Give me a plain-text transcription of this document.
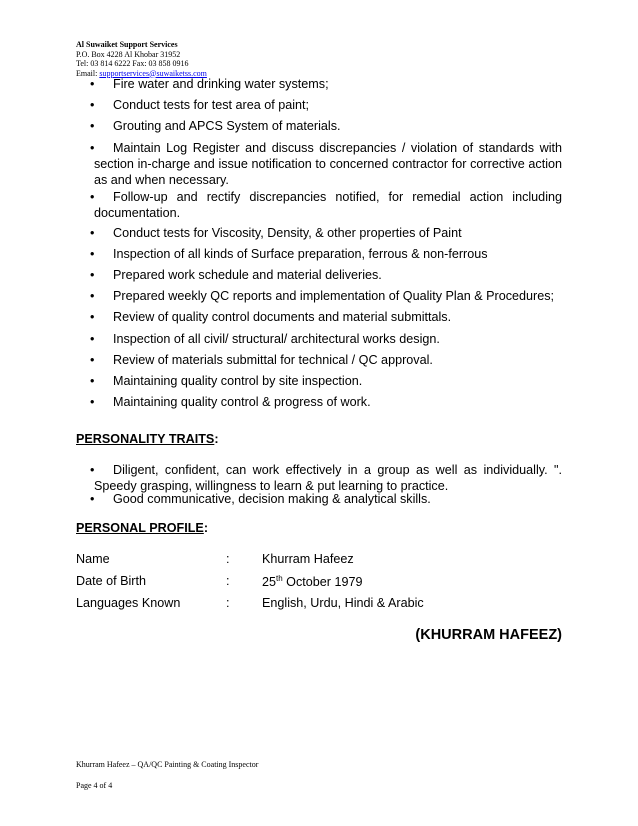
Al Suwaiket Support Services
P.O. Box 4228 Al Khobar 31952
Tel: 03 814 6222 Fax: 03 858 0916
Email: supportservices@suwaiketss.com
•	Fire water and drinking water systems;
•	Conduct tests for test area of paint;
•	Grouting and APCS System of materials.
•	Maintain Log Register and discuss discrepancies / violation of standards with section in-charge and issue notification to concerned contractor for corrective action as and when necessary.
•	Follow-up and rectify discrepancies notified, for remedial action including documentation.
•	Conduct tests for Viscosity, Density, & other properties of Paint
•	Inspection of all kinds of Surface preparation, ferrous & non-ferrous
•	Prepared work schedule and material deliveries.
•	Prepared weekly QC reports and implementation of Quality Plan & Procedures;
•	Review of quality control documents and material submittals.
•	Inspection of all civil/ structural/ architectural works design.
•	Review of materials submittal for technical / QC approval.
•	Maintaining quality control by site inspection.
•	Maintaining quality control & progress of work.
PERSONALITY TRAITS:
•	Diligent, confident, can work effectively in a group as well as individually. ". Speedy grasping, willingness to learn & put learning to practice.
•	Good communicative, decision making & analytical skills.
PERSONAL PROFILE:
Name	:	Khurram Hafeez
Date of Birth	:	25th October 1979
Languages Known	:	English, Urdu, Hindi & Arabic
(KHURRAM HAFEEZ)
Khurram Hafeez – QA/QC Painting & Coating Inspector
Page 4 of 4
